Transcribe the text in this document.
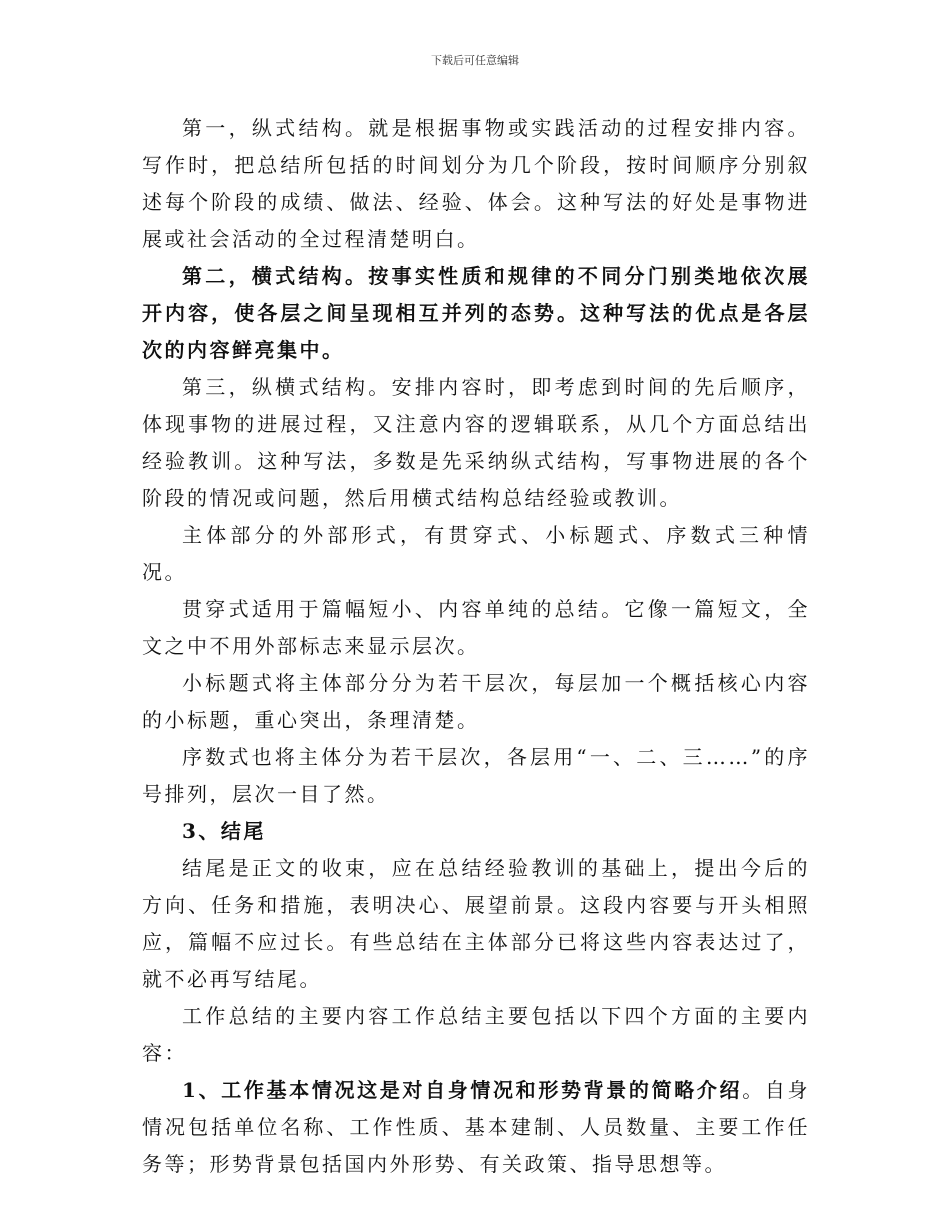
下载后可任意编辑

第一，纵式结构。就是根据事物或实践活动的过程安排内容。写作时，把总结所包括的时间划分为几个阶段，按时间顺序分别叙述每个阶段的成绩、做法、经验、体会。这种写法的好处是事物进展或社会活动的全过程清楚明白。

第二，横式结构。按事实性质和规律的不同分门别类地依次展开内容，使各层之间呈现相互并列的态势。这种写法的优点是各层次的内容鲜亮集中。

第三，纵横式结构。安排内容时，即考虑到时间的先后顺序，体现事物的进展过程，又注意内容的逻辑联系，从几个方面总结出经验教训。这种写法，多数是先采纳纵式结构，写事物进展的各个阶段的情况或问题，然后用横式结构总结经验或教训。

主体部分的外部形式，有贯穿式、小标题式、序数式三种情况。

贯穿式适用于篇幅短小、内容单纯的总结。它像一篇短文，全文之中不用外部标志来显示层次。

小标题式将主体部分分为若干层次，每层加一个概括核心内容的小标题，重心突出，条理清楚。

序数式也将主体分为若干层次，各层用“一、二、三……”的序号排列，层次一目了然。

3、结尾

结尾是正文的收束，应在总结经验教训的基础上，提出今后的方向、任务和措施，表明决心、展望前景。这段内容要与开头相照应，篇幅不应过长。有些总结在主体部分已将这些内容表达过了，就不必再写结尾。

工作总结的主要内容工作总结主要包括以下四个方面的主要内容：

1、工作基本情况这是对自身情况和形势背景的简略介绍。自身情况包括单位名称、工作性质、基本建制、人员数量、主要工作任务等；形势背景包括国内外形势、有关政策、指导思想等。
